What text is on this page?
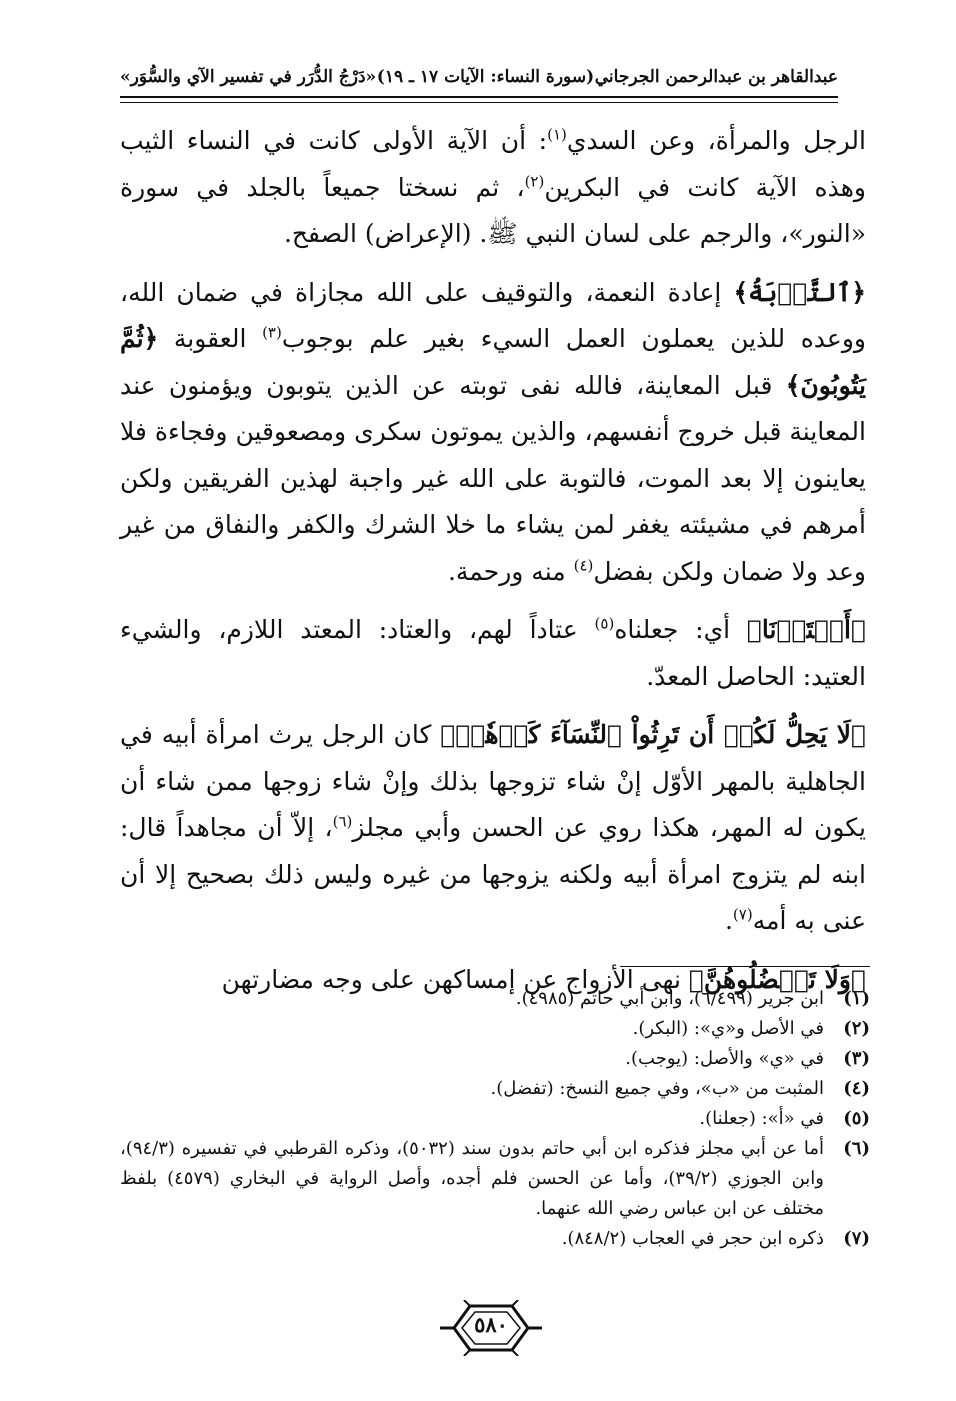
عبدالقاهر بن عبدالرحمن الجرجاني
(سورة النساء: الآيات ١٧ ـ ١٩)
«دَرْجُ الدُّرَر في تفسير الآي والسُّوَر»

الرجل والمرأة، وعن السدي$^{(١)}$: أن الآية الأولى كانت في النساء الثيب وهذه الآية كانت في البكرين$^{(٢)}$، ثم نسختا جميعاً بالجلد في سورة «النور»، والرجم على لسان النبي ﷺ. (الإعراض) الصفح.

﴿ٱلتَّوۡبَةُ﴾ إعادة النعمة، والتوقيف على الله مجازاة في ضمان الله، ووعده للذين يعملون العمل السيء بغير علم بوجوب$^{(٣)}$ العقوبة ﴿ثُمَّ يَتُوبُونَ﴾ قبل المعاينة، فالله نفى توبته عن الذين يتوبون ويؤمنون عند المعاينة قبل خروج أنفسهم، والذين يموتون سكرى ومصعوقين وفجاءة فلا يعاينون إلا بعد الموت، فالتوبة على الله غير واجبة لهذين الفريقين ولكن أمرهم في مشيئته يغفر لمن يشاء ما خلا الشرك والكفر والنفاق من غير وعد ولا ضمان ولكن بفضل$^{(٤)}$ منه ورحمة.

﴿أَعۡتَدۡنَا﴾ أي: جعلناه$^{(٥)}$ عتاداً لهم، والعتاد: المعتد اللازم، والشيء العتيد: الحاصل المعدّ.

﴿لَا يَحِلُّ لَكُمۡ أَن تَرِثُواْ ٱلنِّسَآءَ كَرۡهٗاۖ﴾ كان الرجل يرث امرأة أبيه في الجاهلية بالمهر الأوّل إنْ شاء تزوجها بذلك وإنْ شاء زوجها ممن شاء أن يكون له المهر، هكذا روي عن الحسن وأبي مجلز$^{(٦)}$، إلاّ أن مجاهداً قال: ابنه لم يتزوج امرأة أبيه ولكنه يزوجها من غيره وليس ذلك بصحيح إلا أن عنى به أمه$^{(٧)}$.

﴿وَلَا تَعۡضُلُوهُنَّ﴾ نهى الأزواج عن إمساكهن على وجه مضارتهن

(١)
ابن جرير (٦/٤٩٩)، وابن أبي حاتم (٤٩٨٥).
(٢)
في الأصل و«ي»: (البكر).
(٣)
في «ي» والأصل: (يوجب).
(٤)
المثبت من «ب»، وفي جميع النسخ: (تفضل).
(٥)
في «أ»: (جعلنا).
(٦)
أما عن أبي مجلز فذكره ابن أبي حاتم بدون سند (٥٠٣٢)، وذكره القرطبي في تفسيره (٩٤/٣)، وابن الجوزي (٣٩/٢)، وأما عن الحسن فلم أجده، وأصل الرواية في البخاري (٤٥٧٩) بلفظ مختلف عن ابن عباس رضي الله عنهما.
(٧)
ذكره ابن حجر في العجاب (٨٤٨/٢).
٥٨٠
